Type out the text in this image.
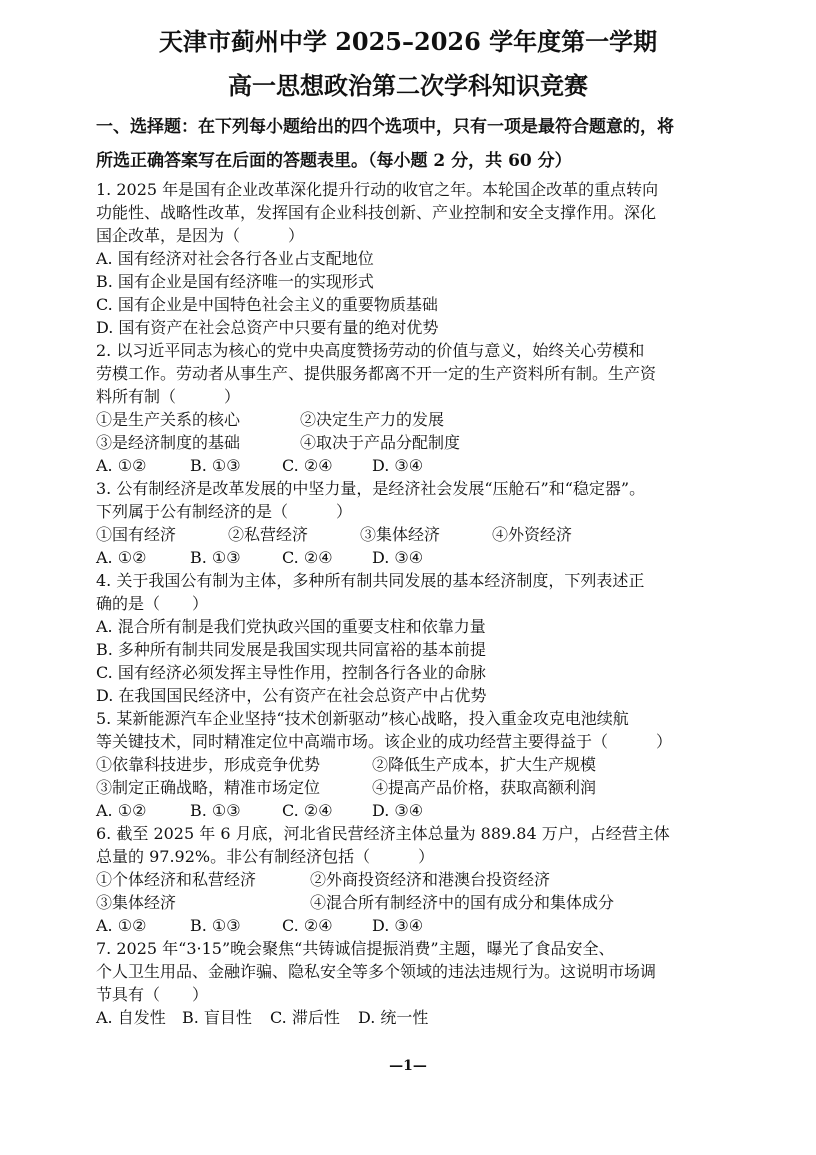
天津市蓟州中学 2025–2026 学年度第一学期
高一思想政治第二次学科知识竞赛
一、选择题：在下列每小题给出的四个选项中，只有一项是最符合题意的，将
所选正确答案写在后面的答题表里。（每小题 2 分，共 60 分）
1. 2025 年是国有企业改革深化提升行动的收官之年。本轮国企改革的重点转向
功能性、战略性改革，发挥国有企业科技创新、产业控制和安全支撑作用。深化
国企改革，是因为（　　　）
A. 国有经济对社会各行各业占支配地位
B. 国有企业是国有经济唯一的实现形式
C. 国有企业是中国特色社会主义的重要物质基础
D. 国有资产在社会总资产中只要有量的绝对优势
2. 以习近平同志为核心的党中央高度赞扬劳动的价值与意义，始终关心劳模和
劳模工作。劳动者从事生产、提供服务都离不开一定的生产资料所有制。生产资
料所有制（　　　）
①是生产关系的核心	②决定生产力的发展
③是经济制度的基础	④取决于产品分配制度
A. ①②	B. ①③	C. ②④ D. ③④
3. 公有制经济是改革发展的中坚力量，是经济社会发展“压舱石”和“稳定器”。
下列属于公有制经济的是（　　　）
①国有经济	②私营经济	③集体经济	④外资经济
A. ①②	B. ①③	C. ②④ D. ③④
4. 关于我国公有制为主体，多种所有制共同发展的基本经济制度，下列表述正
确的是（　　）
A. 混合所有制是我们党执政兴国的重要支柱和依靠力量
B. 多种所有制共同发展是我国实现共同富裕的基本前提
C. 国有经济必须发挥主导性作用，控制各行各业的命脉
D. 在我国国民经济中，公有资产在社会总资产中占优势
5. 某新能源汽车企业坚持“技术创新驱动”核心战略，投入重金攻克电池续航
等关键技术，同时精准定位中高端市场。该企业的成功经营主要得益于（　　　）
①依靠科技进步，形成竞争优势	②降低生产成本，扩大生产规模
③制定正确战略，精准市场定位	④提高产品价格，获取高额利润
A. ①②	B. ①③	C. ②④ D. ③④
6. 截至 2025 年 6 月底，河北省民营经济主体总量为 889.84 万户，占经营主体
总量的 97.92%。非公有制经济包括（　　　）
①个体经济和私营经济	②外商投资经济和港澳台投资经济
③集体经济	④混合所有制经济中的国有成分和集体成分
A. ①②	B. ①③	C. ②④ D. ③④
7. 2025 年“3·15”晚会聚焦“共铸诚信提振消费”主题，曝光了食品安全、
个人卫生用品、金融诈骗、隐私安全等多个领域的违法违规行为。这说明市场调
节具有（　　）
A. 自发性 B. 盲目性 C. 滞后性 D. 统一性
—1—
